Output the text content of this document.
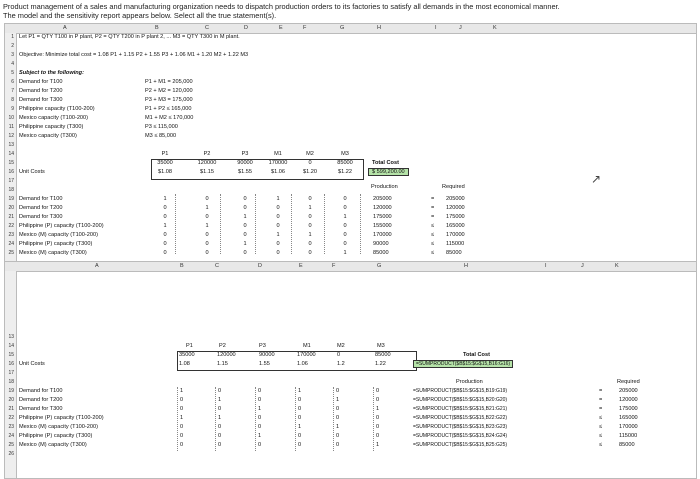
Product management of a sales and manufacturing organization needs to dispatch production orders to its factories to satisfy all demands in the most economical manner.
The model and the sensitivity report appears below. Select all the true statement(s).
A	B	C	D	E	F	G	H	I	J	K
1
2
3
4
5
6
7
8
9
10
11
12
13
14
15
16
17
18
19
20
21
22
23
24
25
Let P1 = QTY T100 in P plant, P2 = QTY T200 in P plant 2, ... M3 = QTY T300 in M plant.
Objective: Minimize total cost = 1.08 P1 + 1.15 P2 + 1.55 P3 + 1.06 M1 + 1.20 M2 + 1.22 M3
Subject to the following:
Demand for T100	P1 + M1 = 205,000
Demand for T200	P2 + M2 = 120,000
Demand for T300	P3 + M3 = 175,000
Philippine capacity (T100-200)	P1 + P2 ≤ 165,000
Mexico capacity (T100-200)	M1 + M2 ≤ 170,000
Philippine capacity (T300)	P3 ≤ 115,000
Mexico capacity (T300)	M3 ≤ 85,000
P1	P2	P3	M1	M2	M3
35000	120000	90000	170000	0	85000
Unit Costs	$1.08	$1.15	$1.55	$1.06	$1.20	$1.22
Total Cost
$ 599,200.00
Production	Required
Demand for T100	1	0	0	1	0	0	205000	= 205000
Demand for T200	0	1	0	0	1	0	120000	= 120000
Demand for T300	0	0	1	0	0	1	175000	= 175000
Philippine (P) capacity (T100-200)	1	1	0	0	0	0	155000	≤ 165000
Mexico (M) capacity (T100-200)	0	0	0	1	1	0	170000	≤ 170000
Philippine (P) capacity (T300)	0	0	1	0	0	0	90000	≤ 115000
Mexico (M) capacity (T300)	0	0	0	0	0	1	85000	≤ 85000
↗
A	B	C	D	E	F	G	H	I	J	K
13
14
15
16
17
18
19
20
21
22
23
24
25
26
P1	P2	P3	M1	M2	M3
35000	120000	90000	170000	0	85000
Unit Costs	1.08	1.15	1.55	1.06	1.2	1.22
Total Cost
=SUMPRODUCT($B$15:$G$15,B16:G16)
Production	Required
Demand for T100	1	0	0	1	0	0	=SUMPRODUCT($B$15:$G$15,B19:G19)	=	205000
Demand for T200	0	1	0	0	1	0	=SUMPRODUCT($B$15:$G$15,B20:G20)	=	120000
Demand for T300	0	0	1	0	0	1	=SUMPRODUCT($B$15:$G$15,B21:G21)	=	175000
Philippine (P) capacity (T100-200)	1	1	0	0	0	0	=SUMPRODUCT($B$15:$G$15,B22:G22)	≤	165000
Mexico (M) capacity (T100-200)	0	0	0	1	1	0	=SUMPRODUCT($B$15:$G$15,B23:G23)	≤	170000
Philippine (P) capacity (T300)	0	0	1	0	0	0	=SUMPRODUCT($B$15:$G$15,B24:G24)	≤	115000
Mexico (M) capacity (T300)	0	0	0	0	0	1	=SUMPRODUCT($B$15:$G$15,B25:G25)	≤	85000
